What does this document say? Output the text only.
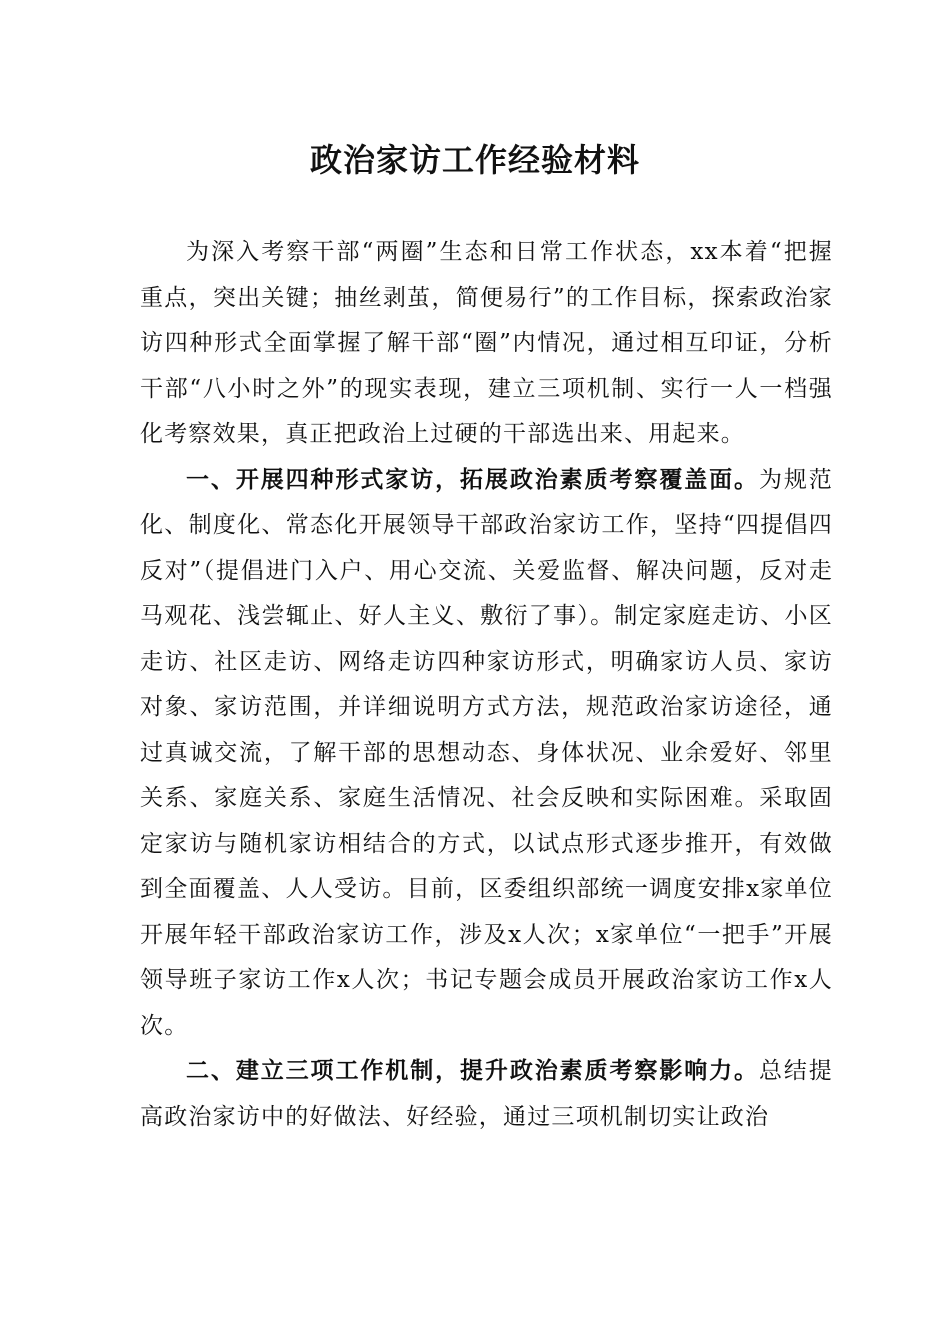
政治家访工作经验材料

为深入考察干部“两圈”生态和日常工作状态，xx本着“把握重点，突出关键；抽丝剥茧，简便易行”的工作目标，探索政治家访四种形式全面掌握了解干部“圈”内情况，通过相互印证，分析干部“八小时之外”的现实表现，建立三项机制、实行一人一档强化考察效果，真正把政治上过硬的干部选出来、用起来。

一、开展四种形式家访，拓展政治素质考察覆盖面。为规范化、制度化、常态化开展领导干部政治家访工作，坚持“四提倡四反对”（提倡进门入户、用心交流、关爱监督、解决问题，反对走马观花、浅尝辄止、好人主义、敷衍了事）。制定家庭走访、小区走访、社区走访、网络走访四种家访形式，明确家访人员、家访对象、家访范围，并详细说明方式方法，规范政治家访途径，通过真诚交流，了解干部的思想动态、身体状况、业余爱好、邻里关系、家庭关系、家庭生活情况、社会反映和实际困难。采取固定家访与随机家访相结合的方式，以试点形式逐步推开，有效做到全面覆盖、人人受访。目前，区委组织部统一调度安排x家单位开展年轻干部政治家访工作，涉及x人次；x家单位“一把手”开展领导班子家访工作x人次；书记专题会成员开展政治家访工作x人次。

二、建立三项工作机制，提升政治素质考察影响力。总结提高政治家访中的好做法、好经验，通过三项机制切实让政治
